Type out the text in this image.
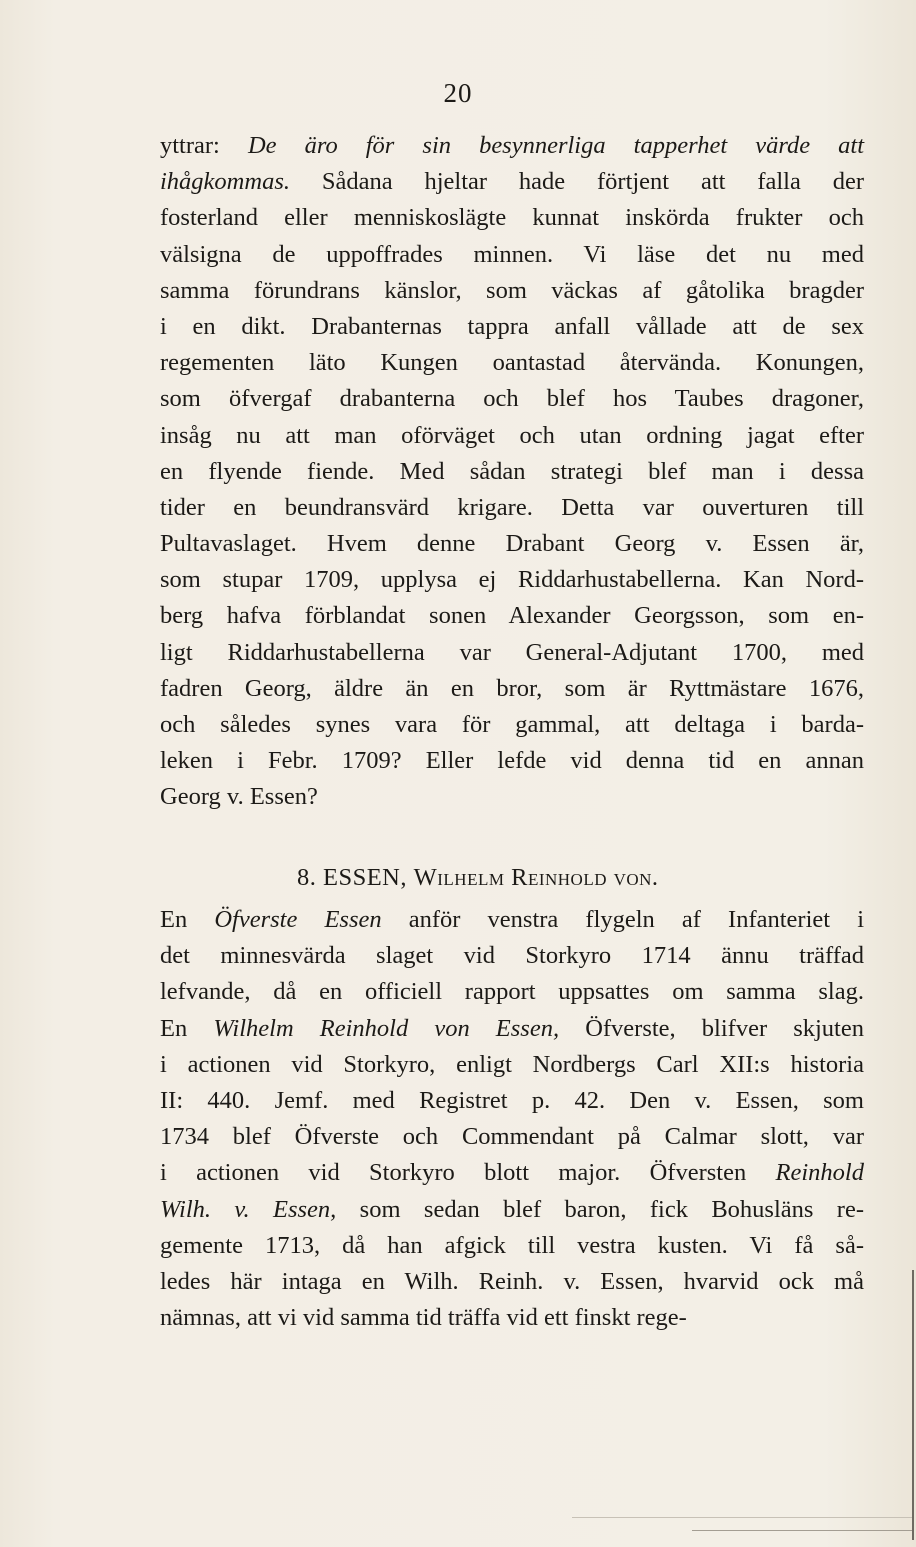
20
yttrar: De äro för sin besynnerliga tapperhet värde att
ihågkommas. Sådana hjeltar hade förtjent att falla der
fosterland eller menniskoslägte kunnat inskörda frukter och
välsigna de uppoffrades minnen. Vi läse det nu med
samma förundrans känslor, som väckas af gåtolika bragder
i en dikt. Drabanternas tappra anfall vållade att de sex
regementen läto Kungen oantastad återvända. Konungen,
som öfvergaf drabanterna och blef hos Taubes dragoner,
insåg nu att man oförväget och utan ordning jagat efter
en flyende fiende. Med sådan strategi blef man i dessa
tider en beundransvärd krigare. Detta var ouverturen till
Pultavaslaget. Hvem denne Drabant Georg v. Essen är,
som stupar 1709, upplysa ej Riddarhustabellerna. Kan Nord-
berg hafva förblandat sonen Alexander Georgsson, som en-
ligt Riddarhustabellerna var General-Adjutant 1700, med
fadren Georg, äldre än en bror, som är Ryttmästare 1676,
och således synes vara för gammal, att deltaga i barda-
leken i Febr. 1709? Eller lefde vid denna tid en annan
Georg v. Essen?
8. ESSEN, Wilhelm Reinhold von.
En Öfverste Essen anför venstra flygeln af Infanteriet i
det minnesvärda slaget vid Storkyro 1714 ännu träffad
lefvande, då en officiell rapport uppsattes om samma slag.
En Wilhelm Reinhold von Essen, Öfverste, blifver skjuten
i actionen vid Storkyro, enligt Nordbergs Carl XII:s historia
II: 440. Jemf. med Registret p. 42. Den v. Essen, som
1734 blef Öfverste och Commendant på Calmar slott, var
i actionen vid Storkyro blott major. Öfversten Reinhold
Wilh. v. Essen, som sedan blef baron, fick Bohusläns re-
gemente 1713, då han afgick till vestra kusten. Vi få så-
ledes här intaga en Wilh. Reinh. v. Essen, hvarvid ock må
nämnas, att vi vid samma tid träffa vid ett finskt rege-
